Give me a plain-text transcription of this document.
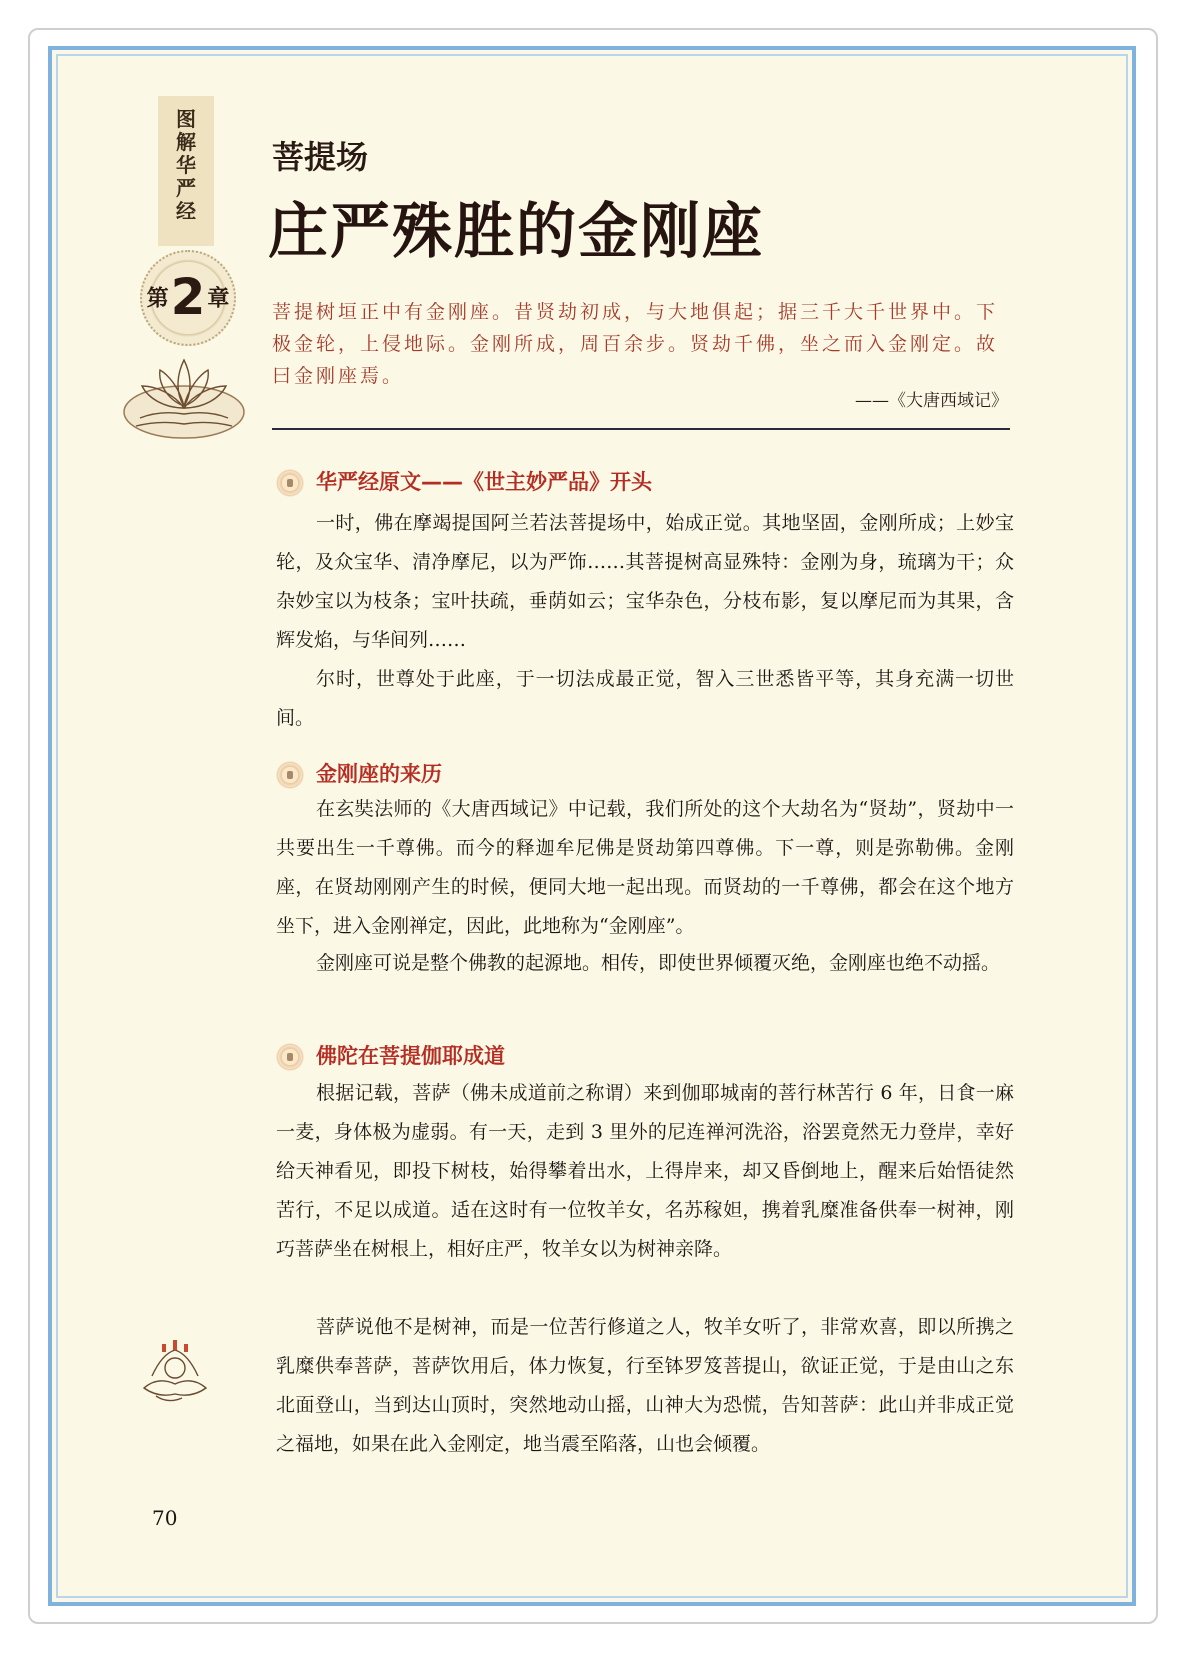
图解华严经
第2章
菩提场
庄严殊胜的金刚座
菩提树垣正中有金刚座。昔贤劫初成，与大地俱起；据三千大千世界中。下极金轮，上侵地际。金刚所成，周百余步。贤劫千佛，坐之而入金刚定。故曰金刚座焉。
——《大唐西域记》
华严经原文——《世主妙严品》开头
一时，佛在摩竭提国阿兰若法菩提场中，始成正觉。其地坚固，金刚所成；上妙宝轮，及众宝华、清净摩尼，以为严饰……其菩提树高显殊特：金刚为身，琉璃为干；众杂妙宝以为枝条；宝叶扶疏，垂荫如云；宝华杂色，分枝布影，复以摩尼而为其果，含辉发焰，与华间列……
尔时，世尊处于此座，于一切法成最正觉，智入三世悉皆平等，其身充满一切世间。
金刚座的来历
在玄奘法师的《大唐西域记》中记载，我们所处的这个大劫名为“贤劫”，贤劫中一共要出生一千尊佛。而今的释迦牟尼佛是贤劫第四尊佛。下一尊，则是弥勒佛。金刚座，在贤劫刚刚产生的时候，便同大地一起出现。而贤劫的一千尊佛，都会在这个地方坐下，进入金刚禅定，因此，此地称为“金刚座”。
金刚座可说是整个佛教的起源地。相传，即使世界倾覆灭绝，金刚座也绝不动摇。
佛陀在菩提伽耶成道
根据记载，菩萨（佛未成道前之称谓）来到伽耶城南的菩行林苦行 6 年，日食一麻一麦，身体极为虚弱。有一天，走到 3 里外的尼连禅河洗浴，浴罢竟然无力登岸，幸好给天神看见，即投下树枝，始得攀着出水，上得岸来，却又昏倒地上，醒来后始悟徒然苦行，不足以成道。适在这时有一位牧羊女，名苏稼妲，携着乳糜准备供奉一树神，刚巧菩萨坐在树根上，相好庄严，牧羊女以为树神亲降。
菩萨说他不是树神，而是一位苦行修道之人，牧羊女听了，非常欢喜，即以所携之乳糜供奉菩萨，菩萨饮用后，体力恢复，行至钵罗笈菩提山，欲证正觉，于是由山之东北面登山，当到达山顶时，突然地动山摇，山神大为恐慌，告知菩萨：此山并非成正觉之福地，如果在此入金刚定，地当震至陷落，山也会倾覆。
70
